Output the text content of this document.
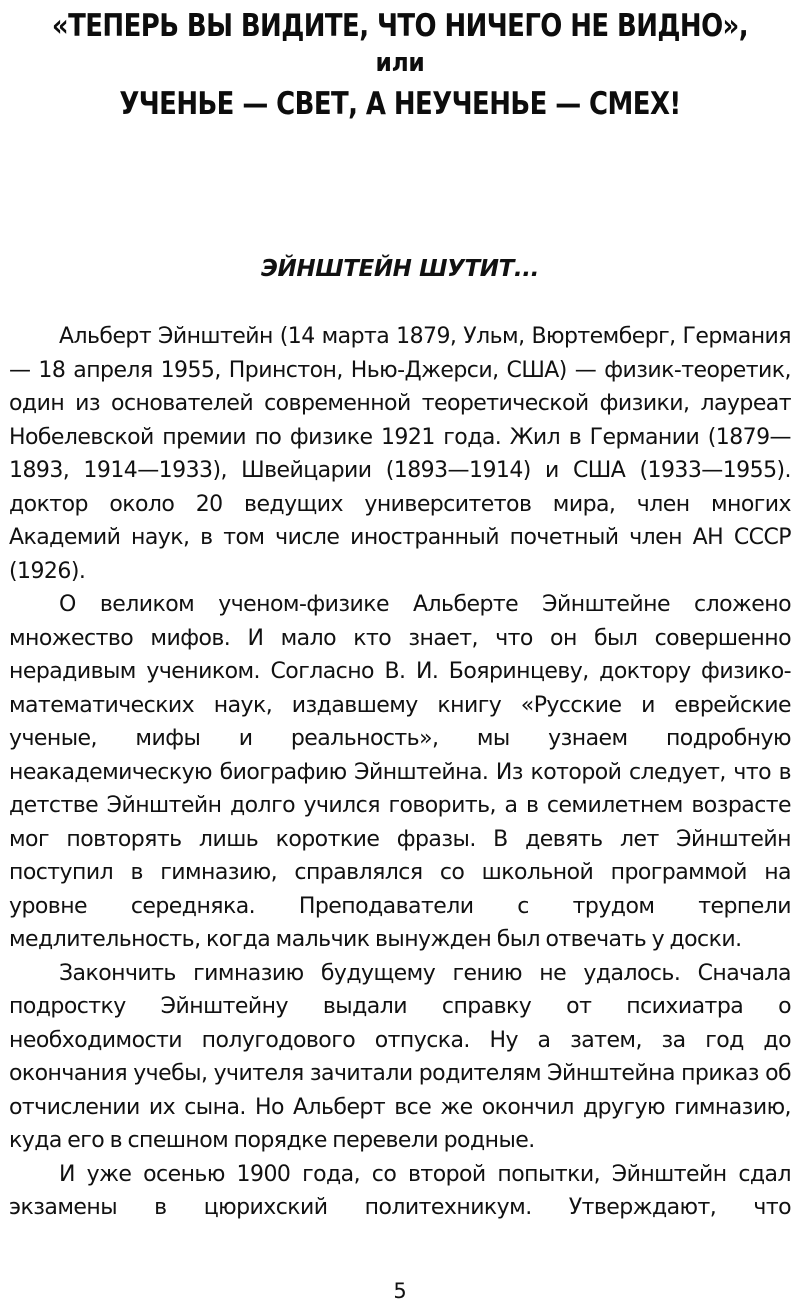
«ТЕПЕРЬ ВЫ ВИДИТЕ, ЧТО НИЧЕГО НЕ ВИДНО»,
или
УЧЕНЬЕ — СВЕТ, А НЕУЧЕНЬЕ — СМЕХ!
ЭЙНШТЕЙН ШУТИТ...

Альберт Эйнштейн (14 марта 1879, Ульм, Вюртемберг, Германия — 18 апреля 1955, Принстон, Нью-Джерси, США) — физик-теоретик, один из основателей современной теоретической физики, лауреат Нобелевской премии по физике 1921 года. Жил в Германии (1879—1893, 1914—1933), Швейцарии (1893—1914) и США (1933—1955). доктор около 20 ведущих университетов мира, член многих Академий наук, в том числе иностранный почетный член АН СССР (1926).

О великом ученом-физике Альберте Эйнштейне сложено множество мифов. И мало кто знает, что он был совершенно нерадивым учеником. Согласно В. И. Бояринцеву, доктору физико-математических наук, издавшему книгу «Русские и еврейские ученые, мифы и реальность», мы узнаем подробную неакадемическую биографию Эйнштейна. Из которой следует, что в детстве Эйнштейн долго учился говорить, а в семилетнем возрасте мог повторять лишь короткие фразы. В девять лет Эйнштейн поступил в гимназию, справлялся со школьной программой на уровне середняка. Преподаватели с трудом терпели медлительность, когда мальчик вынужден был отвечать у доски.

Закончить гимназию будущему гению не удалось. Сначала подростку Эйнштейну выдали справку от психиатра о необходимости полугодового отпуска. Ну а затем, за год до окончания учебы, учителя зачитали родителям Эйнштейна приказ об отчислении их сына. Но Альберт все же окончил другую гимназию, куда его в спешном порядке перевели родные.

И уже осенью 1900 года, со второй попытки, Эйнштейн сдал экзамены в цюрихский политехникум. Утверждают, что

5
